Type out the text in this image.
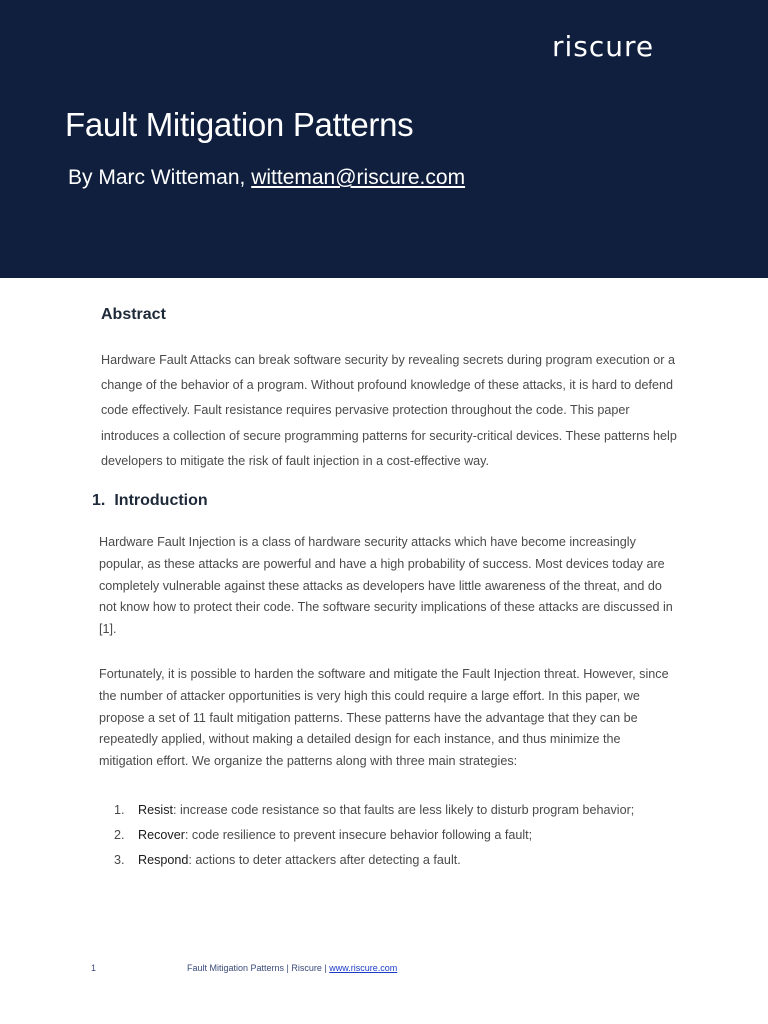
riscure
Fault Mitigation Patterns
By Marc Witteman, witteman@riscure.com
Abstract

Hardware Fault Attacks can break software security by revealing secrets during program execution or a change of the behavior of a program. Without profound knowledge of these attacks, it is hard to defend code effectively. Fault resistance requires pervasive protection throughout the code. This paper introduces a collection of secure programming patterns for security-critical devices. These patterns help developers to mitigate the risk of fault injection in a cost-effective way.

1. Introduction

Hardware Fault Injection is a class of hardware security attacks which have become increasingly popular, as these attacks are powerful and have a high probability of success. Most devices today are completely vulnerable against these attacks as developers have little awareness of the threat, and do not know how to protect their code. The software security implications of these attacks are discussed in [1].

Fortunately, it is possible to harden the software and mitigate the Fault Injection threat. However, since the number of attacker opportunities is very high this could require a large effort. In this paper, we propose a set of 11 fault mitigation patterns. These patterns have the advantage that they can be repeatedly applied, without making a detailed design for each instance, and thus minimize the mitigation effort. We organize the patterns along with three main strategies:

1. Resist: increase code resistance so that faults are less likely to disturb program behavior;
2. Recover: code resilience to prevent insecure behavior following a fault;
3. Respond: actions to deter attackers after detecting a fault.
1	Fault Mitigation Patterns | Riscure | www.riscure.com
